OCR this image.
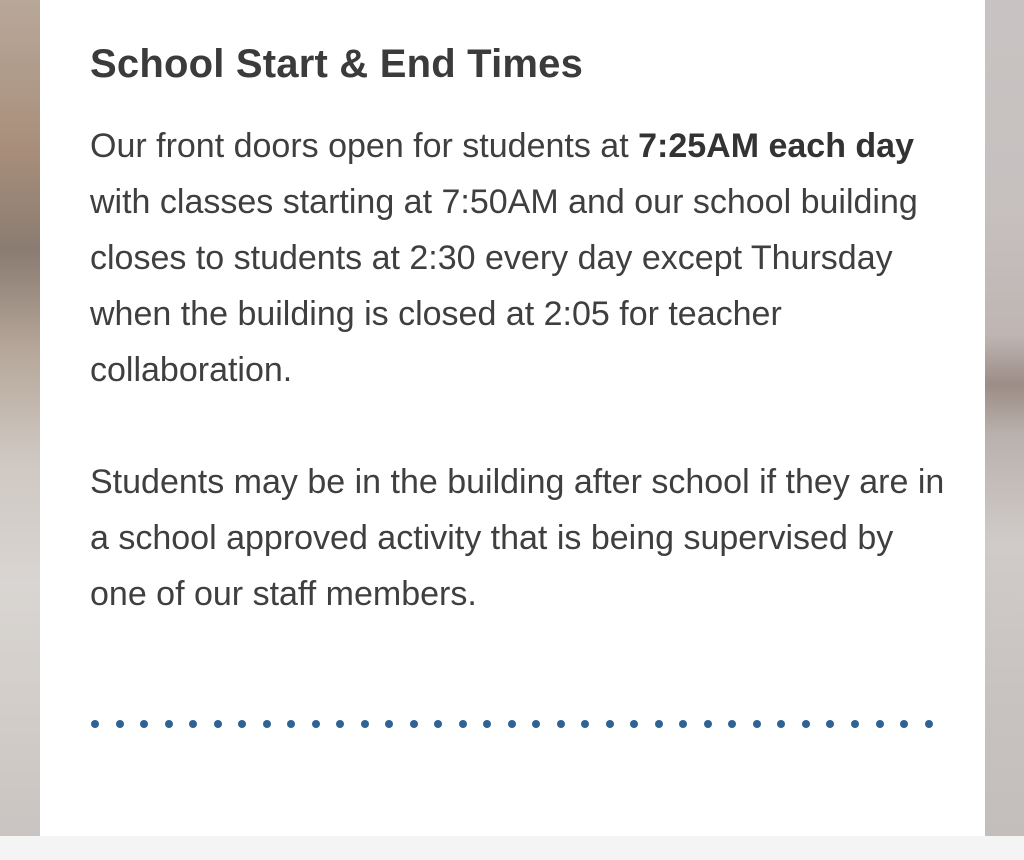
School Start & End Times

Our front doors open for students at 7:25AM each day with classes starting at 7:50AM and our school building closes to students at 2:30 every day except Thursday when the building is closed at 2:05 for teacher collaboration.

Students may be in the building after school if they are in a school approved activity that is being supervised by one of our staff members.
